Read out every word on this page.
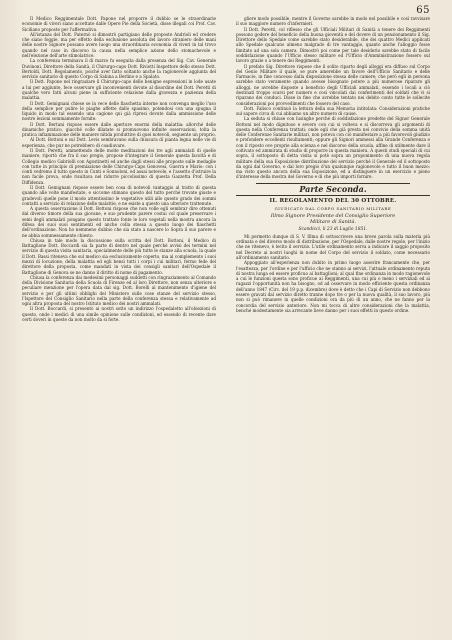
65

Il Medico Reggimentale Dott. Papone nel proporre il dubbio se le straordinarie economie di viveri siano accettate dalle Opere Pie della Società, disse illegali coi Prof. Cav. Siciliano proposte per l'affermativa.

All'istanza del Dott. Paternò si dimostrò partigiano delle proposte Andrioli ed credere che siano foggie, ma per effetto della esclusione assoluta del lavoro straniero delle mani delle nostre Signore possano avere luogo una straordinaria economia di viveri in tal trovo quando nel caso in discorso la causa nella semplice azione dello stomachevole e nell'elezione dell'arte stimolatrice.

La conferenza terminava il di marzo fu eseguita dalla presenza del Sig. Cav. Generale Duvinoni, Direttore della Sanità, il Chirurgo-capo Dott. Riviotti Inspettore dello stesso Dott. Bertoldi, Dott. Regolamento, poiché aver fatto soltanto anche la ragionevole aggiunta del servizio sanitario di questo Corpo di Sabina a Berlino e a Spalato.

Il Dott. Papone nel ringraziare il Chirurgo-capo delle benigne espressioni in lode usate a lui per aggiunte, fece osservare gli inconvenienti dovute al disordine del Dott. Peretti di qualche vero fatti alcuni piene in sufficiente relazione dalla gravezza e pazienza della malattia.

Il Dott. Gemignani chiese se in vece delle fiaschetta interne non convenga meglio l'uso della semplice per pulire le piaghe affette dallo spasimo, potendosi con una spugna il liquido in modo tal essendo una cagione qui già ripresi dovute dalla ammissione delle nostre lezioni sommamente fornite.

Il Dott. Bertani rispose essere dalle aperture enormi della malattia: allorché delle dinamiche pratico, giacché colle dilatate si promuovono infinite osservazioni, tolta la pratica infiammazione delle maniere nitida produttive di quei notevoli, seguente un proprio.

Al Dott. Bottoni e sul Dott. Levis sembravano sulla chiusura di pianta legna nelle vie di esperienza, che pur ne potrebbero di coadiuvare.

Il Dott. Peretti, ammettendo delle molte meditazioni dei tre agli ammalati di quelle maniere, riportò che fra il suo pregio, propose d'integrare il Generale questa facoltà e di Collegio medico Gabrielli con Agostinetti ed anche dagli stessi alle proposte sulle medaglie con tutte in principio di premiazione delle Chirurgo-Capo Genovesi, Guerra e Mario: con i conti vedremo il tutto questo in Cunti e Sonnoloni, ed assai notevole, e l'assetto d'istruire la non facile prova, onde risultava nel ridurre piccolissimo di questa Gazzetta Prof. Della Diffidenza.

Il Dott. Gemignani rispose essere ben cosa di notevoli vantaggio al tratto di questa quando alle volte manifestate, e siccome stimano questo del tutto perché trovate giuste e gradevoli quelle pone il modo attentissimo le vegetative utili allo questo grado dei sommi contatti a servizio di relazione delle malattie, e ne esiste a questo una ulteriore trattenute.

A questa osservazione il Dott. Bottoni rispose che non volle egli sembrar dire ottenuti dal diverso timore della sua giovane, e suo prudente parere costui col quale preservare i semi degli ammalati pongano questo trattato fonte le loro vegetali nella mostra ancora la difesa dei suoi suoi sentimenti ed anche colla stessa a questo luogo dei fiaschetti dell'ordinazione. Non ho nemmeno dubbio che sia stato a nascere lo Sopra il suo parere e ne abbia sommessamente chiesto.

Chiusa in tale modo la discussione sulla scritta del Dott. Bottoni, il Medico di Battaglione Dott. Boccardi sia fa parte di dentro nel quale perché avvisi dei termini nel servizio di questa visita sanitaria, specialmente delle più tutte le stanze alla scuola, la quale il Dott. Bassi riteneva che sul medico sia esclusivamente coperto, ma al complemento i suoi mezzi di locuzione, della malattia ed egli bensì tutti i corpi i cui militari, fermo fede del direttore della proposta, come mandati in vista dei consigli sanitari dell'Ospedale il Battaglione di Genova se ne danno il diritto di nome di pagamento.

Chiusa la conferenza dai medesimi personaggi suddetti con ringraziamento al Comando della Divisione Sanitaria della Scuola di Firenze ed al loro Direttore, non senza ulteriore e peculiare menzione per l'opera data dal sig. Dott. Borelli al mantenimento d'igiene del servizio e per gli ultimi obblighi del Ministero sulle cose stanze del servizio stesso, l'Ispettore del Consiglio Sanitario nella parte della conferenza stessa e relativamente ad ogni altra proposta del nostro Istituto medico dei nostri ammalati.

Il Dott. Boccardi, si presentò ai nostri sotto un indirizzo l'ospedaletto all'obiezioni di questo, onde i medici di una simile opinione sulle condizioni, ed essendo di recente dare certi doveri in queste da non molto da sì forte.

gliere modo possibile, mentre il Governo sarebbe in modo nel possibile e così ravvisare il suo maggiore numero d'infermieri.

Il Dott. Peretti, col riflesso che gli Ufficiali Militari di Sanità a tenere dei Reggimenti possono godere del beneficio della buona gioventù e del dovere di un pensionamento il Sig. Direttore dello Spedale come sarebbe stato desiderabile, che dei quattro Medici applicati allo Spedale qualcuno almeno malgrado di tre vantaggio, quanto anche l'alloggio fosse limitato ad una sola camera. Dimostrò poi come per tale desiderio sarebbe stato di facile soddisfazione quando l'Ufficio stesso militare ed l'Ufficio d'Amministrazione fossero sul lavoro grazie o a tenere dei Reggimenti.

Il prefato Sig. Direttore rispose che il solito riparto degli alloggi era diffuso sul Corpo del Genio Militare il quale, se pure amerebbe un favore dell'Ufficio Sanitario e delle Farmacie, in fine concesso dalla disposizione stessa delle camere; che però egli in persona sarebbe stato veramente quando avesse bisognato potere a più numerose riparare gli alloggi, ne avrebbe disposte a beneficio degli Ufficiali ammalati, essendo i locali a ciò destinati troppo scarsi per numero e così vincolati dai conferimenti del soldati che vi si riparano dei conduci. Disse in fine che avrebbe tentato nei debito conto tutte le sollecite considerazioni poi provvedimenti che fossero del caso.

Dott. Falisco continuò la lettura della sua Memoria intitolata: Considerazioni pratiche sul sapore circa di cui abbiamo un altro numero di cause.

La seduta si chiuse con lusinghe perché di soddisfazione predette del Signor Generale Bottoni nel modo dignitoso e severo con cui si volteva e si discorreva gli argomenti di questa nella Conferenza trattati; onde egli che già presta nei convivio della somma unità delle Conferenze Sanitarie militari, non poteva con ciò manifestare a più favorevoli giudizio e profondere eccellenti risultamenti; oppure gli Signori ammessi alla Grande Conferenza e con il riposto ove proprie alla scienza e nel discorso della scuola, affine di utilmente dare il coltivato ed ammirata di studio di proporre in questa maniera. A questi studi speciali di cui sopra, il sottoposto di detta visita si potè sopra un proponimento di una nuova regola militare della sua Esposizione distribuzione del servizio perché il Generale ed il sottoposto da ogni dal Governo, e dal loro pregio d'un qualunque ragionevole e tutto il buon mezzo: ma visto questo ancora della sua Esposizione, ed a distinguere in un esercizio e pieno d'interesse della mostra del Governo e di che più importi fornire.

Parte Seconda.
II. REGOLAMENTO DEL 30 OTTOBRE.
GIUDICATO DAL CORPO SANITARIO MILITARE
Illmo Signore Presidente del Consiglio Superiore
Militare di Sanità.
Scandicci, li 23 di Luglio 1851.

Mi permetto dunque di S. V. Illma di sottoscrivere una breve parola sulla materia più ordinata e del diverso modo di distribuzione, per l'Ospedale, dalle nostre regole, per l'inizio che ne ritenevo, è lecito il servizio. L'utile ordinamento serva a indicare il saggio proposito nel Decreto ai nostri luoghi in nome del Corpo del servizio il soldato, come necessario all'ordinamento sanitario.

Appoggiato all'esperienza non dubito in primo luogo asserire francamente che, per l'esattezza, per l'ordine e per l'ufficio che ne stanno ai servizi, l'attuale ordinamento reputa di nostra lunga ed essere proficuo ai battaglioni; al qual fine ordinanza in modo ragionevole a cui le funzioni questa sono proficue ai Reggimenti, una cui più o meno i serviziali ed ai ragazzi l'opportunità non ha bisogno, od ad osservare in modo efficiente questa ordinanza dell'anno 1847 (Circ. del 19 p.p. dicembre) dove è detto che i Capi di Servizio non debbono essere gravati dal servizio diretto tranne dopo tre o per la nuova qualità, il suo lavoro, più non si può rimanere in quelle condizioni ora da più di un anno, che ne fanno per la concordia del servizio anteriore. Non mi tocca di altre considerazioni che la malattia, benché modestamente sia arrecante lieve danno per i suoi effetti in questo ordine.
